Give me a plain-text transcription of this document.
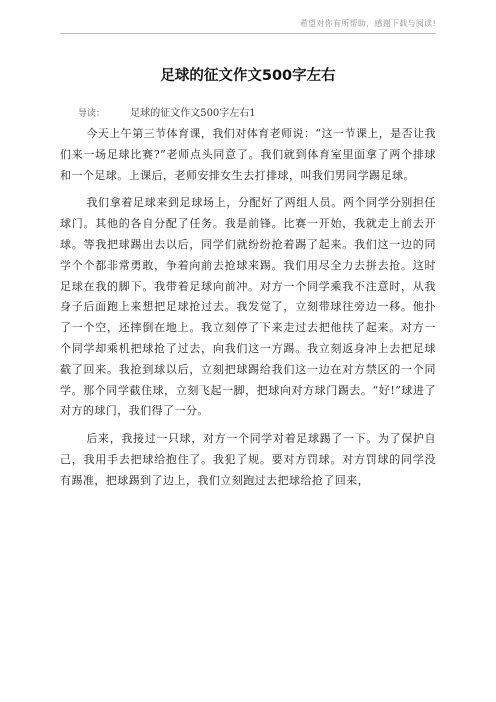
希望对你有所帮助，感谢下载与阅读!
足球的征文作文500字左右
导读：	足球的征文作文500字左右1

今天上午第三节体育课，我们对体育老师说：“这一节课上，是否让我们来一场足球比赛?”老师点头同意了。我们就到体育室里面拿了两个排球和一个足球。上课后，老师安排女生去打排球，叫我们男同学踢足球。

我们拿着足球来到足球场上，分配好了两组人员。两个同学分别担任球门。其他的各自分配了任务。我是前锋。比赛一开始，我就走上前去开球。等我把球踢出去以后，同学们就纷纷抢着踢了起来。我们这一边的同学个个都非常勇敢，争着向前去抢球来踢。我们用尽全力去拼去抢。这时足球在我的脚下。我带着足球向前冲。对方一个同学乘我不注意时，从我身子后面跑上来想把足球抢过去。我发觉了，立刻带球往旁边一移。他扑了一个空，还摔倒在地上。我立刻停了下来走过去把他扶了起来。对方一个同学却乘机把球抢了过去，向我们这一方踢。我立刻返身冲上去把足球截了回来。我抢到球以后，立刻把球踢给我们这一边在对方禁区的一个同学。那个同学截住球，立刻飞起一脚，把球向对方球门踢去。“好!”球进了对方的球门，我们得了一分。

后来，我接过一只球，对方一个同学对着足球踢了一下。为了保护自己，我用手去把球给抱住了。我犯了规。要对方罚球。对方罚球的同学没有踢准，把球踢到了边上，我们立刻跑过去把球给抢了回来，
